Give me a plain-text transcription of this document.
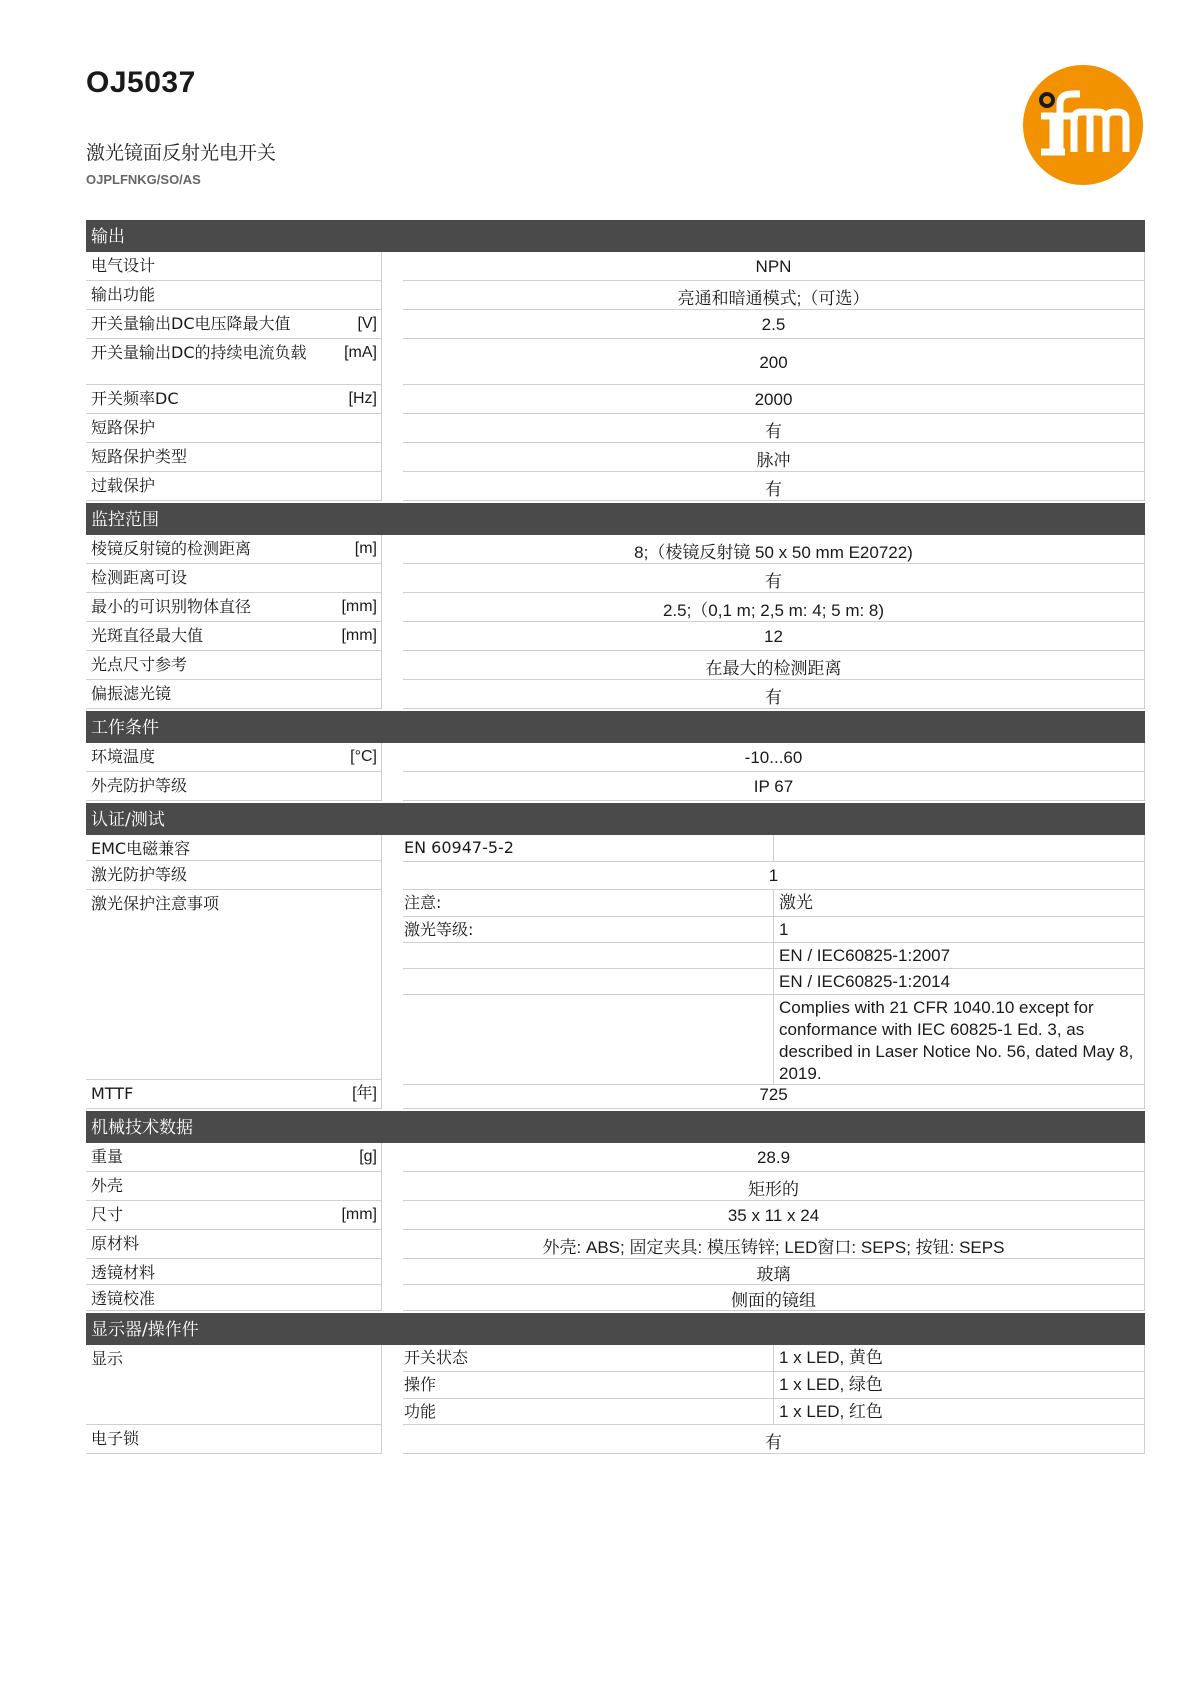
OJ5037
激光镜面反射光电开关
OJPLFNKG/SO/AS	ifm
输出
电气设计	NPN
输出功能	亮通和暗通模式;（可选）
开关量输出DC电压降最大值	[V]	2.5
开关量输出DC的持续电流负载 [mA]	200
开关频率DC	[Hz]	2000
短路保护	有
短路保护类型	脉冲
过载保护	有
监控范围
棱镜反射镜的检测距离	[m]	8;（棱镜反射镜 50 x 50 mm E20722)
检测距离可设	有
最小的可识别物体直径	[mm]	2.5;（0,1 m; 2,5 m: 4; 5 m: 8)
光斑直径最大值	[mm]	12
光点尺寸参考	在最大的检测距离
偏振滤光镜	有
工作条件
环境温度	[°C]	-10...60
外壳防护等级	IP 67
认证/测试
EMC电磁兼容	EN 60947-5-2
激光防护等级	1
激光保护注意事项	注意:	激光
激光等级:	1
EN / IEC60825-1:2007
EN / IEC60825-1:2014
Complies with 21 CFR 1040.10 except for conformance with IEC 60825-1 Ed. 3, as described in Laser Notice No. 56, dated May 8, 2019.
MTTF	[年]	725
机械技术数据
重量	[g]	28.9
外壳	矩形的
尺寸	[mm]	35 x 11 x 24
原材料	外壳: ABS; 固定夹具: 模压铸锌; LED窗口: SEPS; 按钮: SEPS
透镜材料	玻璃
透镜校准	侧面的镜组
显示器/操作件
显示	开关状态	1 x LED, 黄色
操作	1 x LED, 绿色
功能	1 x LED, 红色
电子锁	有
